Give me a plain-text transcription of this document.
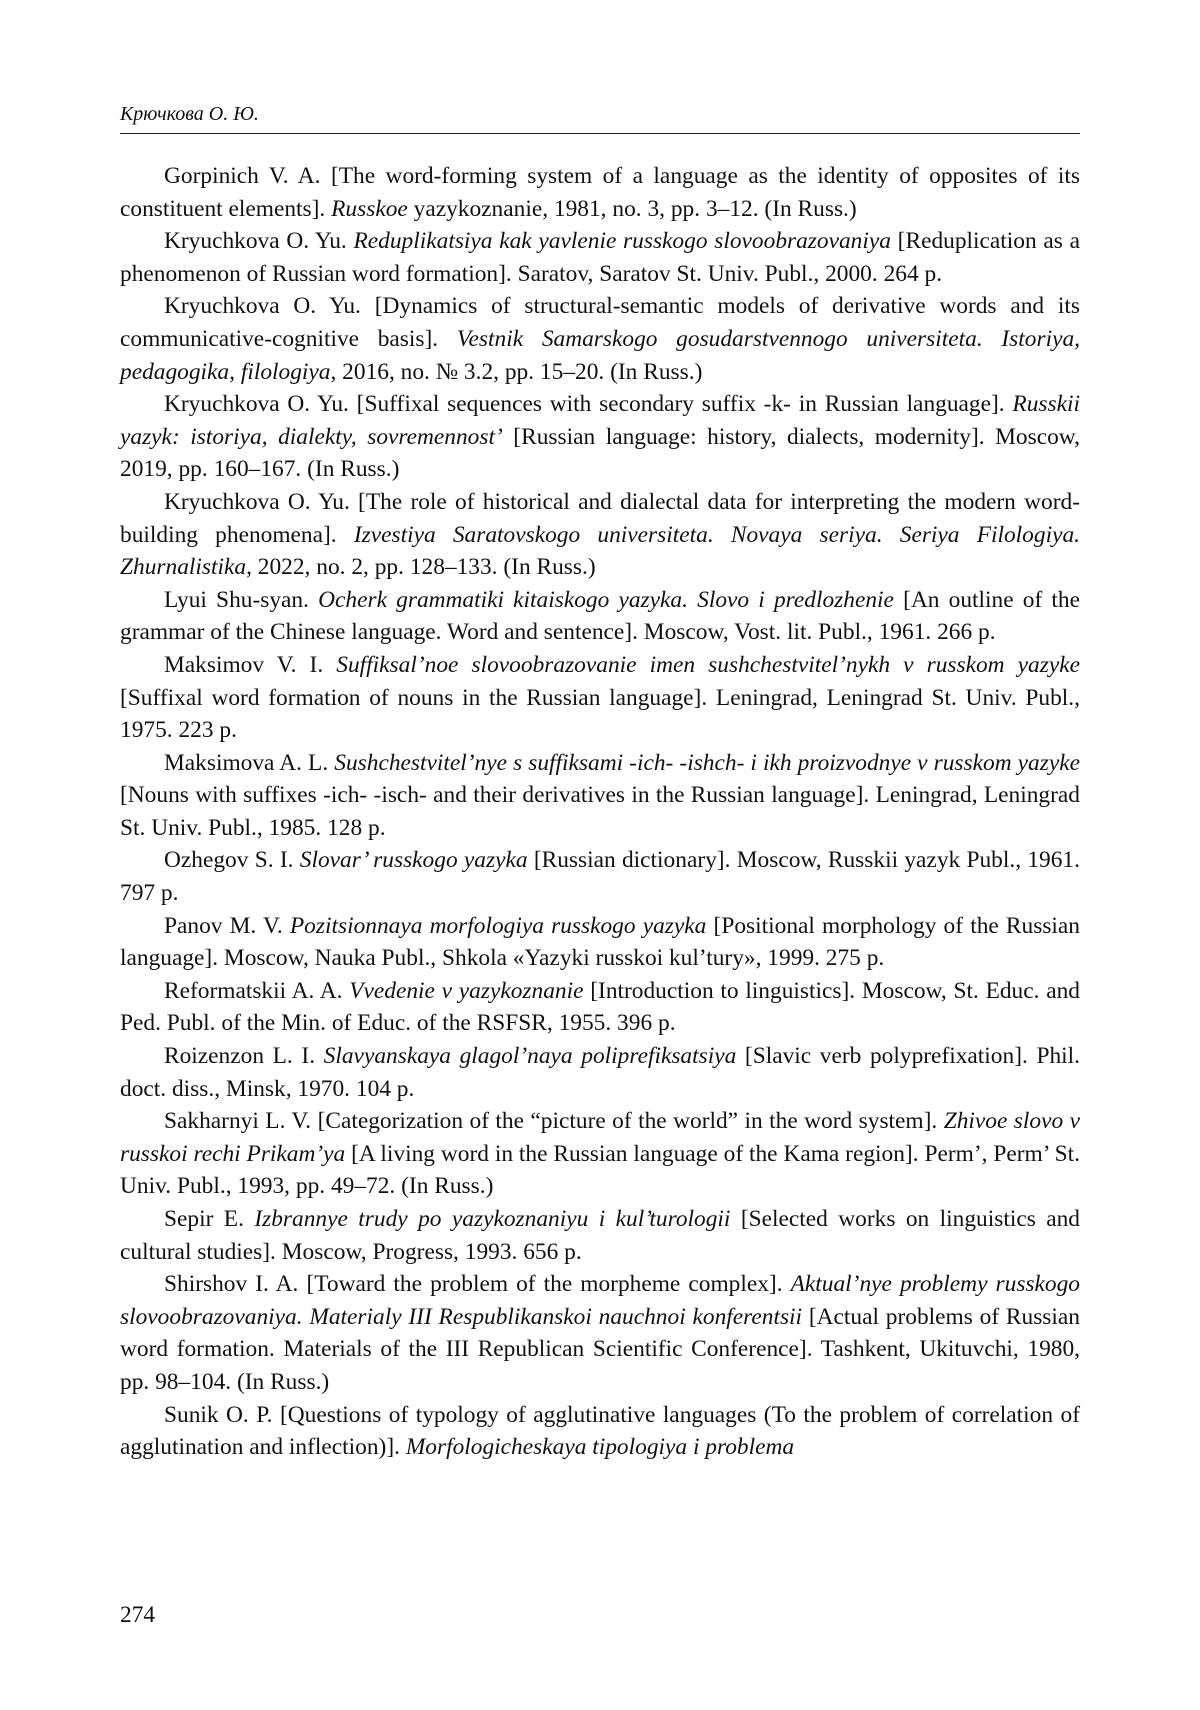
Крючкова О. Ю.

Gorpinich V. A. [The word-forming system of a language as the identity of opposites of its constituent elements]. Russkoe yazykoznanie, 1981, no. 3, pp. 3–12. (In Russ.)

Kryuchkova O. Yu. Reduplikatsiya kak yavlenie russkogo slovoobrazovaniya [Reduplication as a phenomenon of Russian word formation]. Saratov, Saratov St. Univ. Publ., 2000. 264 p.

Kryuchkova O. Yu. [Dynamics of structural-semantic models of derivative words and its communicative-cognitive basis]. Vestnik Samarskogo gosudarstvennogo universiteta. Istoriya, pedagogika, filologiya, 2016, no. № 3.2, pp. 15–20. (In Russ.)

Kryuchkova O. Yu. [Suffixal sequences with secondary suffix -k- in Russian language]. Russkii yazyk: istoriya, dialekty, sovremennost’ [Russian language: history, dialects, modernity]. Moscow, 2019, pp. 160–167. (In Russ.)

Kryuchkova O. Yu. [The role of historical and dialectal data for interpreting the modern word-building phenomena]. Izvestiya Saratovskogo universiteta. Novaya seriya. Seriya Filologiya. Zhurnalistika, 2022, no. 2, pp. 128–133. (In Russ.)

Lyui Shu-syan. Ocherk grammatiki kitaiskogo yazyka. Slovo i predlozhenie [An outline of the grammar of the Chinese language. Word and sentence]. Moscow, Vost. lit. Publ., 1961. 266 p.

Maksimov V. I. Suffiksal’noe slovoobrazovanie imen sushchestvitel’nykh v russkom yazyke [Suffixal word formation of nouns in the Russian language]. Leningrad, Leningrad St. Univ. Publ., 1975. 223 p.

Maksimova A. L. Sushchestvitel’nye s suffiksami -ich- -ishch- i ikh proizvodnye v russkom yazyke [Nouns with suffixes -ich- -isch- and their derivatives in the Russian language]. Leningrad, Leningrad St. Univ. Publ., 1985. 128 p.

Ozhegov S. I. Slovar’ russkogo yazyka [Russian dictionary]. Moscow, Russkii yazyk Publ., 1961. 797 p.

Panov M. V. Pozitsionnaya morfologiya russkogo yazyka [Positional morphology of the Russian language]. Moscow, Nauka Publ., Shkola «Yazyki russkoi kul’tury», 1999. 275 p.

Reformatskii A. A. Vvedenie v yazykoznanie [Introduction to linguistics]. Moscow, St. Educ. and Ped. Publ. of the Min. of Educ. of the RSFSR, 1955. 396 p.

Roizenzon L. I. Slavyanskaya glagol’naya poliprefiksatsiya [Slavic verb polyprefixation]. Phil. doct. diss., Minsk, 1970. 104 p.

Sakharnyi L. V. [Categorization of the “picture of the world” in the word system]. Zhivoe slovo v russkoi rechi Prikam’ya [A living word in the Russian language of the Kama region]. Perm’, Perm’ St. Univ. Publ., 1993, pp. 49–72. (In Russ.)

Sepir E. Izbrannye trudy po yazykoznaniyu i kul’turologii [Selected works on linguistics and cultural studies]. Moscow, Progress, 1993. 656 p.

Shirshov I. A. [Toward the problem of the morpheme complex]. Aktual’nye problemy russkogo slovoobrazovaniya. Materialy III Respublikanskoi nauchnoi konferentsii [Actual problems of Russian word formation. Materials of the III Republican Scientific Conference]. Tashkent, Ukituvchi, 1980, pp. 98–104. (In Russ.)

Sunik O. P. [Questions of typology of agglutinative languages (To the problem of correlation of agglutination and inflection)]. Morfologicheskaya tipologiya i problema

274
